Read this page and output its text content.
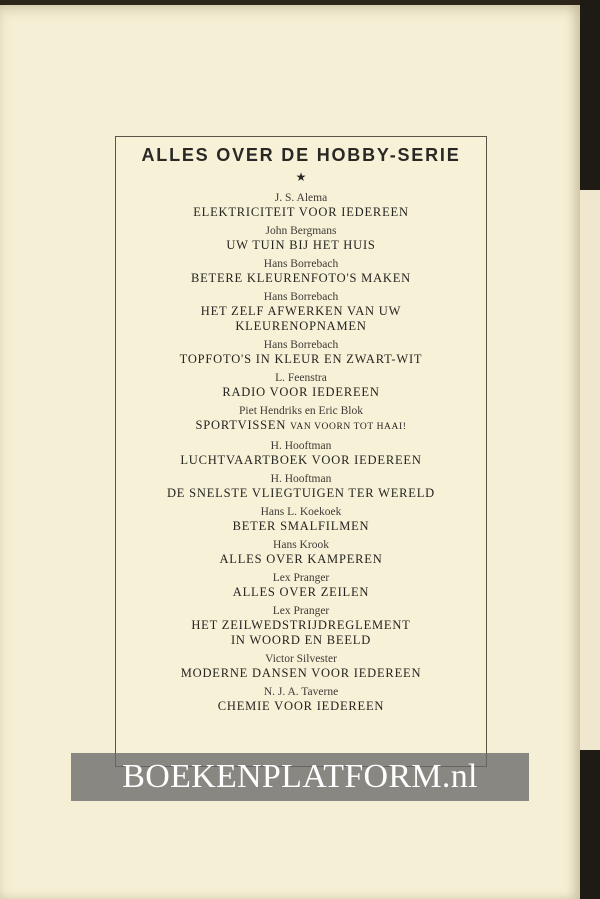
ALLES OVER DE HOBBY-SERIE
★
J. S. Alema
ELEKTRICITEIT VOOR IEDEREEN
John Bergmans
UW TUIN BIJ HET HUIS
Hans Borrebach
BETERE KLEURENFOTO'S MAKEN
Hans Borrebach
HET ZELF AFWERKEN VAN UW
KLEURENOPNAMEN
Hans Borrebach
TOPFOTO'S IN KLEUR EN ZWART-WIT
L. Feenstra
RADIO VOOR IEDEREEN
Piet Hendriks en Eric Blok
SPORTVISSEN VAN VOORN TOT HAAI!
H. Hooftman
LUCHTVAARTBOEK VOOR IEDEREEN
H. Hooftman
DE SNELSTE VLIEGTUIGEN TER WERELD
Hans L. Koekoek
BETER SMALFILMEN
Hans Krook
ALLES OVER KAMPEREN
Lex Pranger
ALLES OVER ZEILEN
Lex Pranger
HET ZEILWEDSTRIJDREGLEMENT
IN WOORD EN BEELD
Victor Silvester
MODERNE DANSEN VOOR IEDEREEN
N. J. A. Taverne
CHEMIE VOOR IEDEREEN
BOEKENPLATFORM.nl
